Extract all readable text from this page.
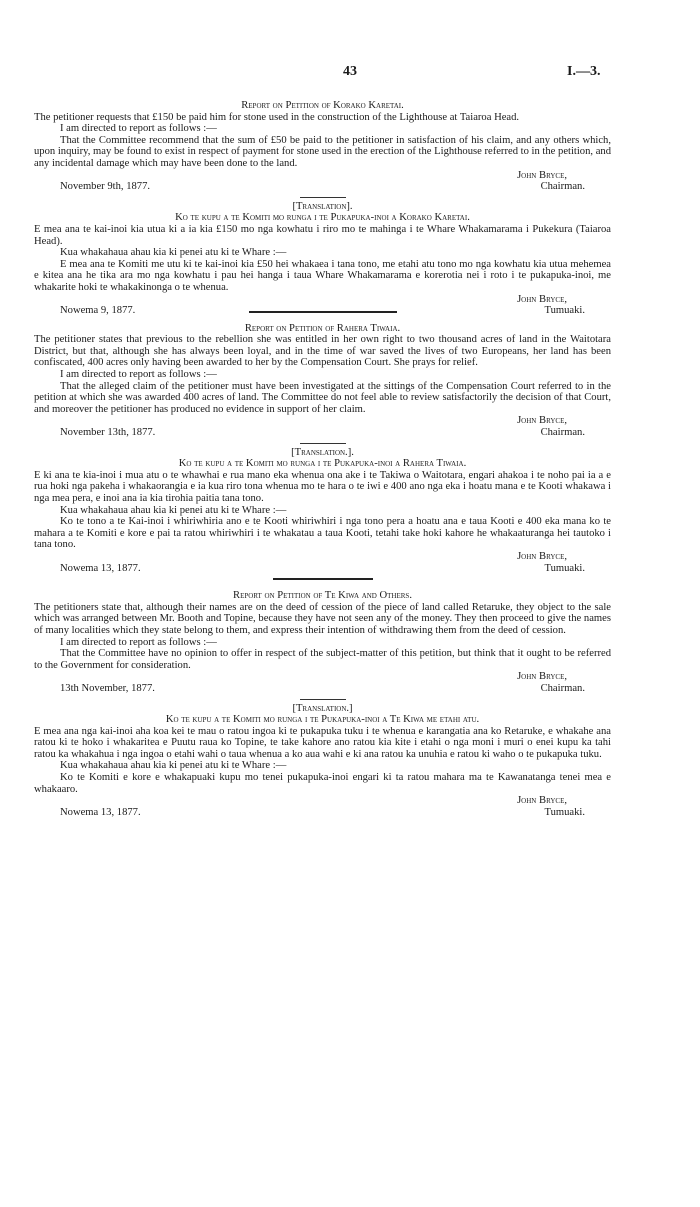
43	I.—3.

Report on Petition of Korako Karetai.

The petitioner requests that £150 be paid him for stone used in the construction of the Lighthouse at Taiaroa Head.

I am directed to report as follows :—

That the Committee recommend that the sum of £50 be paid to the petitioner in satisfaction of his claim, and any others which, upon inquiry, may be found to exist in respect of payment for stone used in the erection of the Lighthouse referred to in the petition, and any incidental damage which may have been done to the land.

John Bryce,

November 9th, 1877.	Chairman.

[Translation].

Ko te kupu a te Komiti mo runga i te Pukapuka-inoi a Korako Karetai.

E mea ana te kai-inoi kia utua ki a ia kia £150 mo nga kowhatu i riro mo te mahinga i te Whare Whakamarama i Pukekura (Taiaroa Head).

Kua whakahaua ahau kia ki penei atu ki te Whare :—

E mea ana te Komiti me utu ki te kai-inoi kia £50 hei whakaea i tana tono, me etahi atu tono mo nga kowhatu kia utua mehemea e kitea ana he tika ara mo nga kowhatu i pau hei hanga i taua Whare Whakamarama e korerotia nei i roto i te pukapuka-inoi, me whakarite hoki te whakakinonga o te whenua.

John Bryce,

Nowema 9, 1877.	Tumuaki.

Report on Petition of Rahera Tiwaia.

The petitioner states that previous to the rebellion she was entitled in her own right to two thousand acres of land in the Waitotara District, but that, although she has always been loyal, and in the time of war saved the lives of two Europeans, her land has been confiscated, 400 acres only having been awarded to her by the Compensation Court. She prays for relief.

I am directed to report as follows :—

That the alleged claim of the petitioner must have been investigated at the sittings of the Compensation Court referred to in the petition at which she was awarded 400 acres of land. The Committee do not feel able to review satisfactorily the decision of that Court, and moreover the petitioner has produced no evidence in support of her claim.

John Bryce,

November 13th, 1877.	Chairman.

[Translation.].

Ko te kupu a te Komiti mo runga i te Pukapuka-inoi a Rahera Tiwaia.

E ki ana te kia-inoi i mua atu o te whawhai e rua mano eka whenua ona ake i te Takiwa o Waitotara, engari ahakoa i te noho pai ia a e rua hoki nga pakeha i whakaorangia e ia kua riro tona whenua mo te hara o te iwi e 400 ano nga eka i hoatu mana e te Kooti whakawa i nga mea pera, e inoi ana ia kia tirohia paitia tana tono.

Kua whakahaua ahau kia ki penei atu ki te Whare :—

Ko te tono a te Kai-inoi i whiriwhiria ano e te Kooti whiriwhiri i nga tono pera a hoatu ana e taua Kooti e 400 eka mana ko te mahara a te Komiti e kore e pai ta ratou whiriwhiri i te whakatau a taua Kooti, tetahi take hoki kahore he whakaaturanga hei tautoko i tana tono.

John Bryce,

Nowema 13, 1877.	Tumuaki.

Report on Petition of Te Kiwa and Others.

The petitioners state that, although their names are on the deed of cession of the piece of land called Retaruke, they object to the sale which was arranged between Mr. Booth and Topine, because they have not seen any of the money. They then proceed to give the names of many localities which they state belong to them, and express their intention of withdrawing them from the deed of cession.

I am directed to report as follows :—

That the Committee have no opinion to offer in respect of the subject-matter of this petition, but think that it ought to be referred to the Government for consideration.

John Bryce,

13th November, 1877.	Chairman.

[Translation.]

Ko te kupu a te Komiti mo runga i te Pukapuka-inoi a Te Kiwa me etahi atu.

E mea ana nga kai-inoi aha koa kei te mau o ratou ingoa ki te pukapuka tuku i te whenua e karangatia ana ko Retaruke, e whakahe ana ratou ki te hoko i whakaritea e Puutu raua ko Topine, te take kahore ano ratou kia kite i etahi o nga moni i muri o enei kupu ka tahi ratou ka whakahua i nga ingoa o etahi wahi o taua whenua a ko aua wahi e ki ana ratou ka unuhia e ratou ki waho o te pukapuka tuku.

Kua whakahaua ahau kia ki penei atu ki te Whare :—

Ko te Komiti e kore e whakapuaki kupu mo tenei pukapuka-inoi engari ki ta ratou mahara ma te Kawanatanga tenei mea e whakaaro.

John Bryce,

Nowema 13, 1877.	Tumuaki.
